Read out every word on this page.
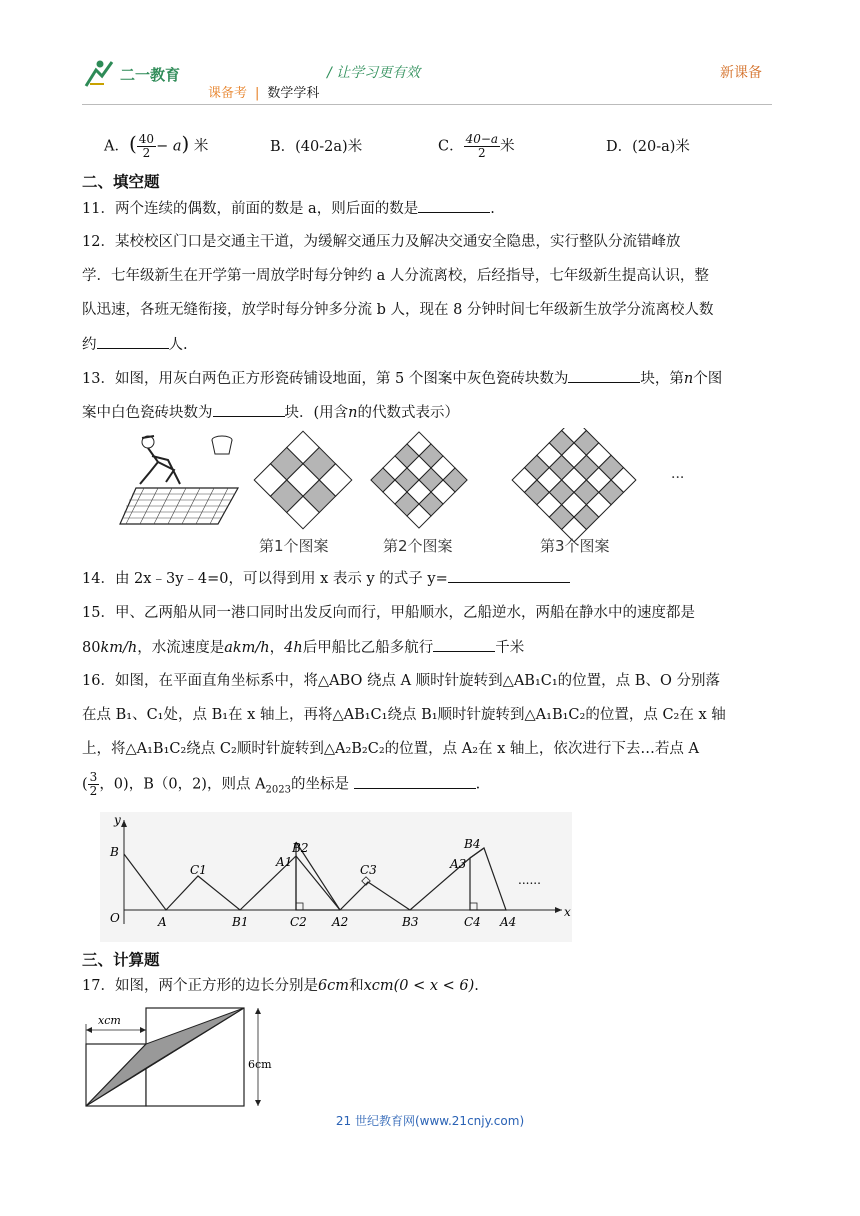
二一教育	/ 让学习更有效	新课备
课备考 | 数学学科
A．( $\frac{40}{2} - a$) 米	B．(40-2a)米	C． $\frac{40-a}{2}$ 米	D．(20-a)米
二、填空题
11．两个连续的偶数，前面的数是 a，则后面的数是	.
12．某校校区门口是交通主干道，为缓解交通压力及解决交通安全隐患，实行整队分流错峰放
学．七年级新生在开学第一周放学时每分钟约 a 人分流离校，后经指导，七年级新生提高认识，整
队迅速，各班无缝衔接，放学时每分钟多分流 b 人，现在 8 分钟时间七年级新生放学分流离校人数
约	人.
13．如图，用灰白两色正方形瓷砖铺设地面，第 5 个图案中灰色瓷砖块数为	块，第n个图
案中白色瓷砖块数为	块．(用含n的代数式表示）
···
第1个图案	第2个图案	第3个图案
14．由 2x﹣3y﹣4=0，可以得到用 x 表示 y 的式子 y=
15．甲、乙两船从同一港口同时出发反向而行，甲船顺水，乙船逆水，两船在静水中的速度都是
80km/h，水流速度是akm/h，4h后甲船比乙船多航行	千米
16．如图，在平面直角坐标系中，将△ABO 绕点 A 顺时针旋转到△AB₁C₁的位置，点 B、O 分别落
在点 B₁、C₁处，点 B₁在 x 轴上，再将△AB₁C₁绕点 B₁顺时针旋转到△A₁B₁C₂的位置，点 C₂在 x 轴
上，将△A₁B₁C₂绕点 C₂顺时针旋转到△A₂B₂C₂的位置，点 A₂在 x 轴上，依次进行下去…若点 A
( $\frac{3}{2}$ ，0)，B（0，2)，则点 $A_{2023}$的坐标是	.
y
x
O
B
A
C1
B1
A1
B2
C2 A2
C3
B3
A3
B4
C4 A4
......
三、计算题
17．如图，两个正方形的边长分别是6cm和xcm(0 < x < 6).
xcm
6cm
21 世纪教育网(www.21cnjy.com)
